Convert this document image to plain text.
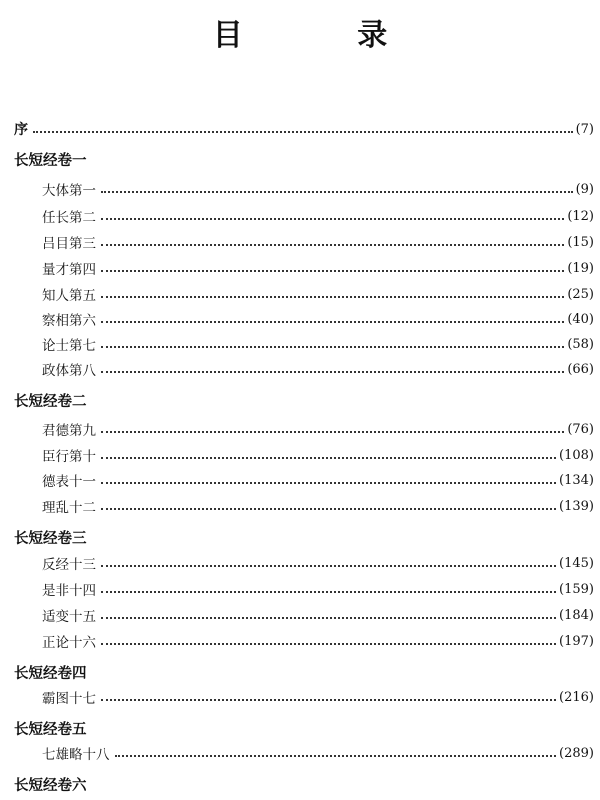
目 录
序	(7)
长短经卷一
大体第一	(9)
任长第二	(12)
吕目第三	(15)
量才第四	(19)
知人第五	(25)
察相第六	(40)
论士第七	(58)
政体第八	(66)
长短经卷二
君德第九	(76)
臣行第十	(108)
德表十一	(134)
理乱十二	(139)
长短经卷三
反经十三	(145)
是非十四	(159)
适变十五	(184)
正论十六	(197)
长短经卷四
霸图十七	(216)
长短经卷五
七雄略十八	(289)
长短经卷六
